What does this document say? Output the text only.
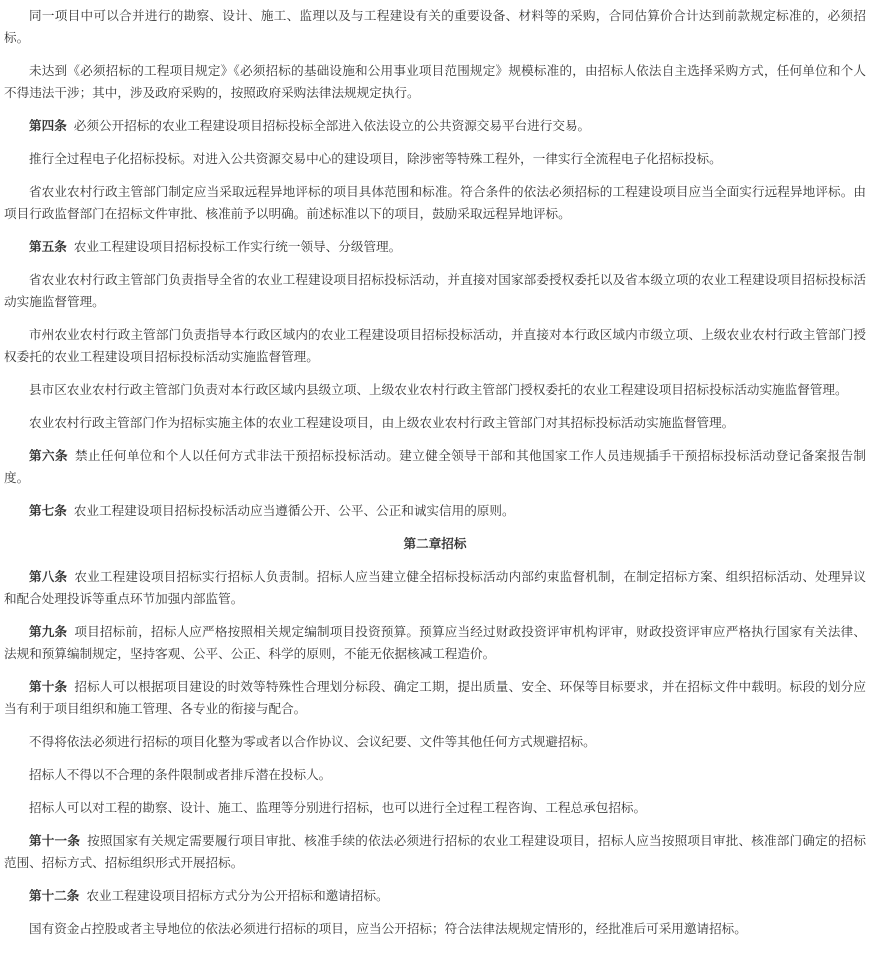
同一项目中可以合并进行的勘察、设计、施工、监理以及与工程建设有关的重要设备、材料等的采购，合同估算价合计达到前款规定标准的，必须招标。

未达到《必须招标的工程项目规定》《必须招标的基础设施和公用事业项目范围规定》规模标准的，由招标人依法自主选择采购方式，任何单位和个人不得违法干涉；其中，涉及政府采购的，按照政府采购法律法规规定执行。

第四条 必须公开招标的农业工程建设项目招标投标全部进入依法设立的公共资源交易平台进行交易。

推行全过程电子化招标投标。对进入公共资源交易中心的建设项目，除涉密等特殊工程外，一律实行全流程电子化招标投标。

省农业农村行政主管部门制定应当采取远程异地评标的项目具体范围和标准。符合条件的依法必须招标的工程建设项目应当全面实行远程异地评标。由项目行政监督部门在招标文件审批、核准前予以明确。前述标准以下的项目，鼓励采取远程异地评标。

第五条 农业工程建设项目招标投标工作实行统一领导、分级管理。

省农业农村行政主管部门负责指导全省的农业工程建设项目招标投标活动，并直接对国家部委授权委托以及省本级立项的农业工程建设项目招标投标活动实施监督管理。

市州农业农村行政主管部门负责指导本行政区域内的农业工程建设项目招标投标活动，并直接对本行政区域内市级立项、上级农业农村行政主管部门授权委托的农业工程建设项目招标投标活动实施监督管理。

县市区农业农村行政主管部门负责对本行政区域内县级立项、上级农业农村行政主管部门授权委托的农业工程建设项目招标投标活动实施监督管理。

农业农村行政主管部门作为招标实施主体的农业工程建设项目，由上级农业农村行政主管部门对其招标投标活动实施监督管理。

第六条 禁止任何单位和个人以任何方式非法干预招标投标活动。建立健全领导干部和其他国家工作人员违规插手干预招标投标活动登记备案报告制度。

第七条 农业工程建设项目招标投标活动应当遵循公开、公平、公正和诚实信用的原则。

第二章招标

第八条 农业工程建设项目招标实行招标人负责制。招标人应当建立健全招标投标活动内部约束监督机制，在制定招标方案、组织招标活动、处理异议和配合处理投诉等重点环节加强内部监管。

第九条 项目招标前，招标人应严格按照相关规定编制项目投资预算。预算应当经过财政投资评审机构评审，财政投资评审应严格执行国家有关法律、法规和预算编制规定，坚持客观、公平、公正、科学的原则，不能无依据核减工程造价。

第十条 招标人可以根据项目建设的时效等特殊性合理划分标段、确定工期，提出质量、安全、环保等目标要求，并在招标文件中载明。标段的划分应当有利于项目组织和施工管理、各专业的衔接与配合。

不得将依法必须进行招标的项目化整为零或者以合作协议、会议纪要、文件等其他任何方式规避招标。

招标人不得以不合理的条件限制或者排斥潜在投标人。

招标人可以对工程的勘察、设计、施工、监理等分别进行招标，也可以进行全过程工程咨询、工程总承包招标。

第十一条 按照国家有关规定需要履行项目审批、核准手续的依法必须进行招标的农业工程建设项目，招标人应当按照项目审批、核准部门确定的招标范围、招标方式、招标组织形式开展招标。

第十二条 农业工程建设项目招标方式分为公开招标和邀请招标。

国有资金占控股或者主导地位的依法必须进行招标的项目，应当公开招标；符合法律法规规定情形的，经批准后可采用邀请招标。
